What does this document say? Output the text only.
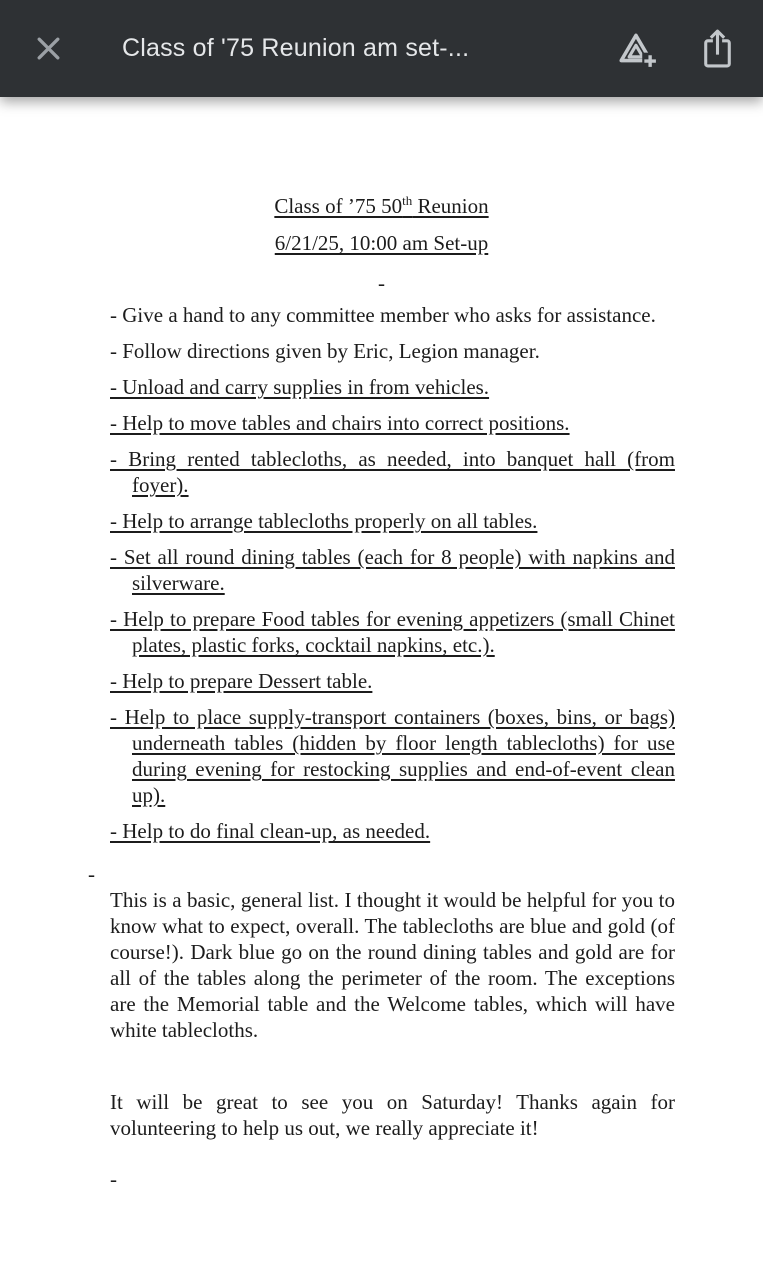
Class of '75 Reunion am set-...
Class of ’75 50th Reunion
6/21/25, 10:00 am Set-up
-
- Give a hand to any committee member who asks for assistance.
- Follow directions given by Eric, Legion manager.
- Unload and carry supplies in from vehicles.
- Help to move tables and chairs into correct positions.
- Bring rented tablecloths, as needed, into banquet hall (from foyer).
- Help to arrange tablecloths properly on all tables.
- Set all round dining tables (each for 8 people) with napkins and silverware.
- Help to prepare Food tables for evening appetizers (small Chinet plates, plastic forks, cocktail napkins, etc.).
- Help to prepare Dessert table.
- Help to place supply-transport containers (boxes, bins, or bags) underneath tables (hidden by floor length tablecloths) for use during evening for restocking supplies and end-of-event clean up).
- Help to do final clean-up, as needed.
-

This is a basic, general list. I thought it would be helpful for you to know what to expect, overall. The tablecloths are blue and gold (of course!). Dark blue go on the round dining tables and gold are for all of the tables along the perimeter of the room. The exceptions are the Memorial table and the Welcome tables, which will have white tablecloths.

It will be great to see you on Saturday! Thanks again for volunteering to help us out, we really appreciate it!

-
